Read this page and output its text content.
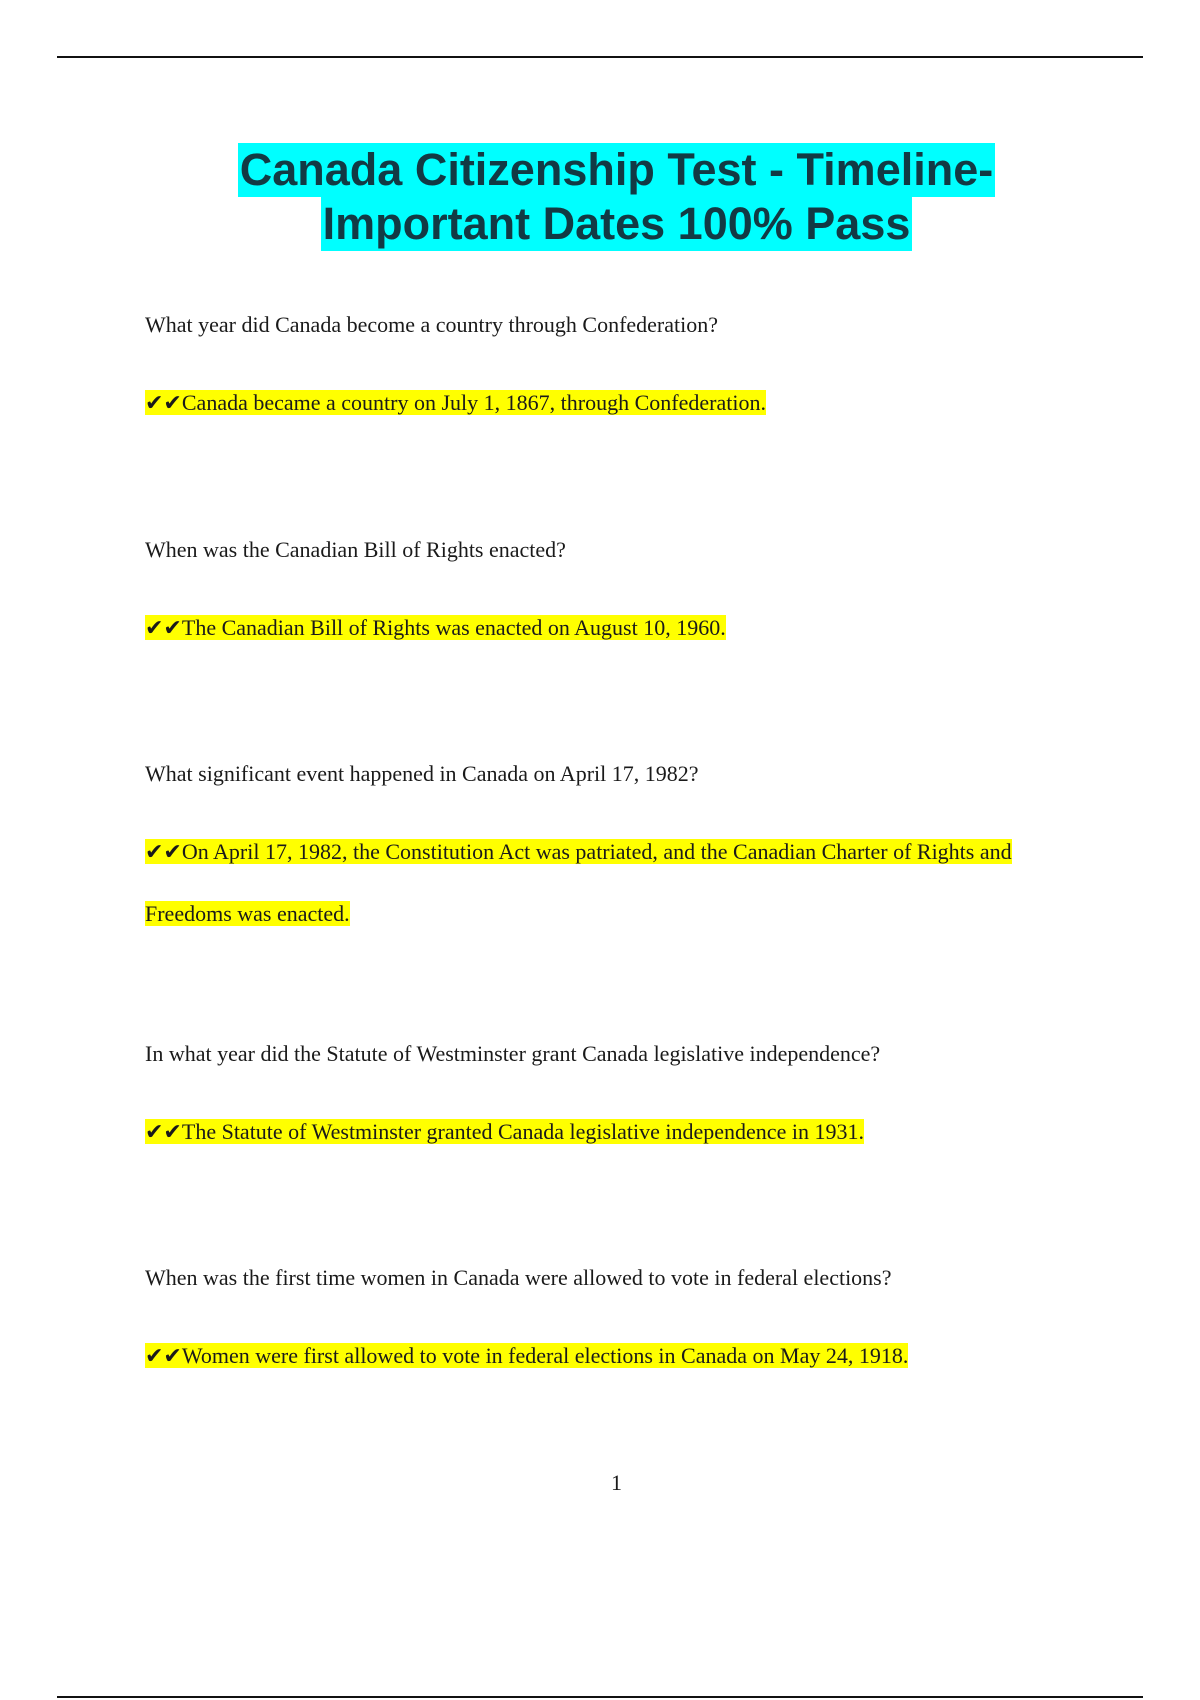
Canada Citizenship Test - Timeline-
Important Dates 100% Pass
What year did Canada become a country through Confederation?
✔✔Canada became a country on July 1, 1867, through Confederation.
When was the Canadian Bill of Rights enacted?
✔✔The Canadian Bill of Rights was enacted on August 10, 1960.
What significant event happened in Canada on April 17, 1982?
✔✔On April 17, 1982, the Constitution Act was patriated, and the Canadian Charter of Rights and Freedoms was enacted.
In what year did the Statute of Westminster grant Canada legislative independence?
✔✔The Statute of Westminster granted Canada legislative independence in 1931.
When was the first time women in Canada were allowed to vote in federal elections?
✔✔Women were first allowed to vote in federal elections in Canada on May 24, 1918.
1
